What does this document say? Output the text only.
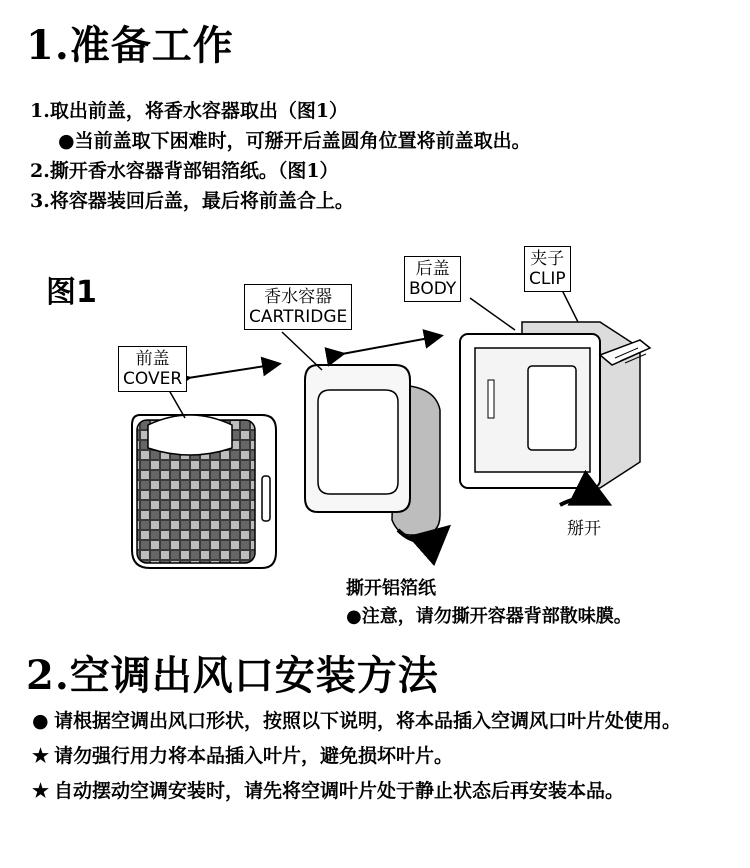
1.准备工作
1.取出前盖，将香水容器取出（图1）
●当前盖取下困难时，可掰开后盖圆角位置将前盖取出。
2.撕开香水容器背部铝箔纸。（图1）
3.将容器装回后盖，最后将前盖合上。
图1
前盖
COVER
香水容器
CARTRIDGE
后盖
BODY
夹子
CLIP
掰开
撕开铝箔纸
●注意，请勿撕开容器背部散味膜。
2.空调出风口安装方法
● 请根据空调出风口形状，按照以下说明，将本品插入空调风口叶片处使用。
★ 请勿强行用力将本品插入叶片，避免损坏叶片。
★ 自动摆动空调安装时，请先将空调叶片处于静止状态后再安装本品。
